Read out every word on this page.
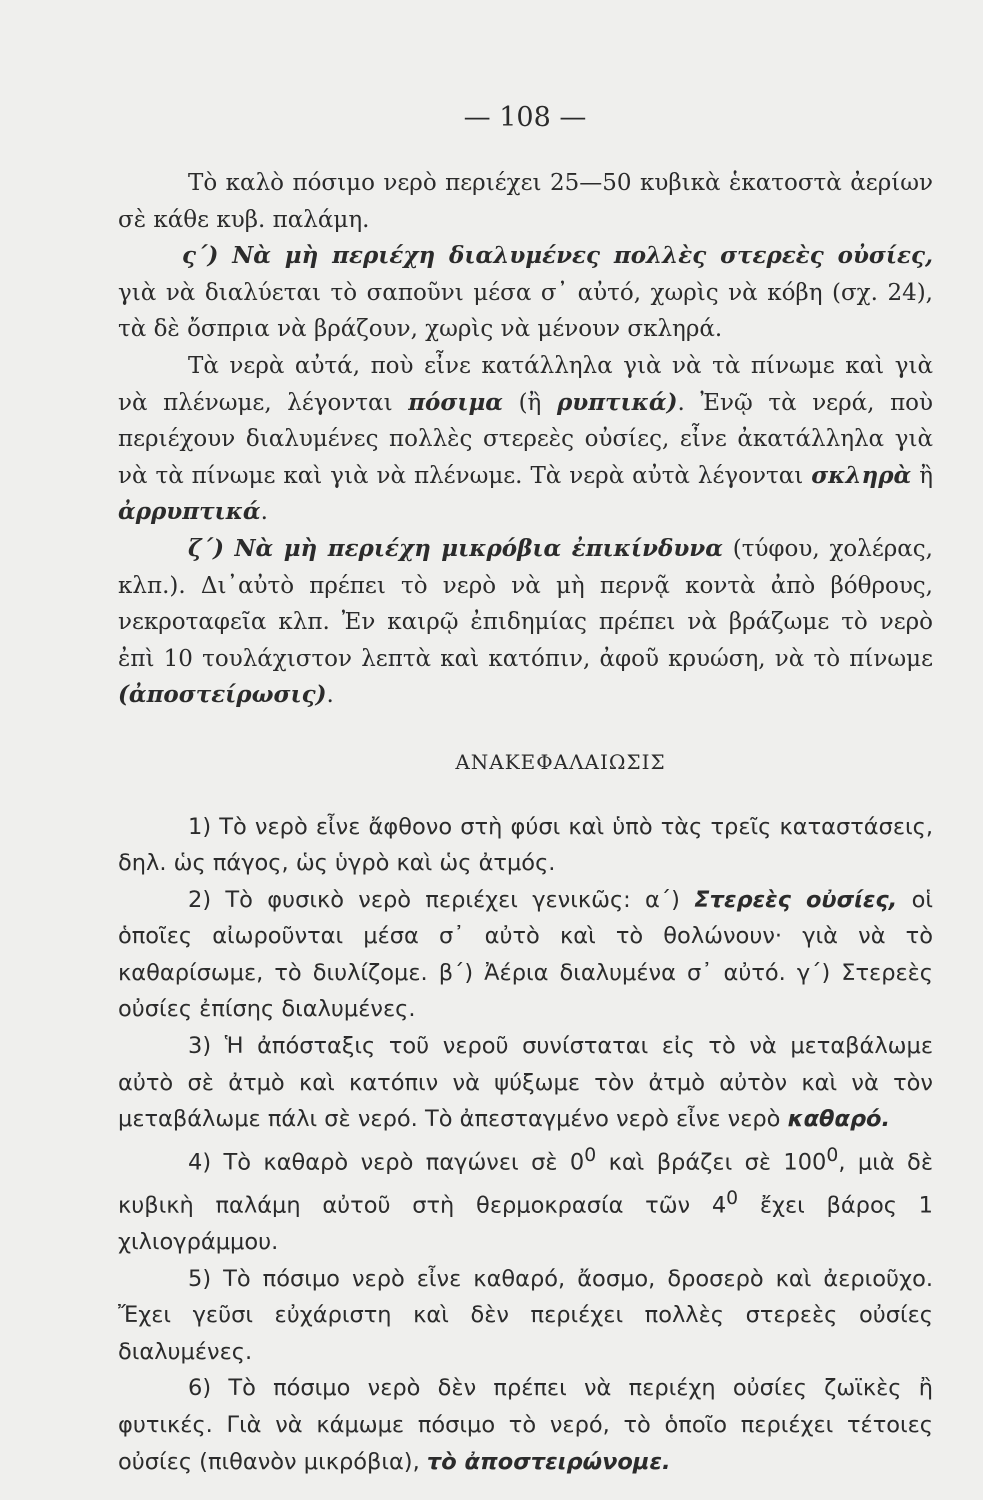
— 108 —

Τὸ καλὸ πόσιμο νερὸ περιέχει 25—50 κυβικὰ ἑκατοστὰ ἀερίων σὲ κάθε κυβ. παλάμη.

ς΄) Νὰ μὴ περιέχη διαλυμένες πολλὲς στερεὲς οὐσίες, γιὰ νὰ διαλύεται τὸ σαποῦνι μέσα σ᾿ αὐτό, χωρὶς νὰ κόβη (σχ. 24), τὰ δὲ ὄσπρια νὰ βράζουν, χωρὶς νὰ μένουν σκληρά.

Τὰ νερὰ αὐτά, ποὺ εἶνε κατάλληλα γιὰ νὰ τὰ πίνωμε καὶ γιὰ νὰ πλένωμε, λέγονται πόσιμα (ἢ ρυπτικά). Ἐνῷ τὰ νερά, ποὺ περιέχουν διαλυμένες πολλὲς στερεὲς οὐσίες, εἶνε ἀκατάλληλα γιὰ νὰ τὰ πίνωμε καὶ γιὰ νὰ πλένωμε. Τὰ νερὰ αὐτὰ λέγονται σκληρὰ ἢ ἀρρυπτικά.

ζ΄) Νὰ μὴ περιέχη μικρόβια ἐπικίνδυνα (τύφου, χολέρας, κλπ.). Δι᾿αὐτὸ πρέπει τὸ νερὸ νὰ μὴ περνᾷ κοντὰ ἀπὸ βόθρους, νεκροταφεῖα κλπ. Ἐν καιρῷ ἐπιδημίας πρέπει νὰ βράζωμε τὸ νερὸ ἐπὶ 10 τουλάχιστον λεπτὰ καὶ κατόπιν, ἀφοῦ κρυώση, νὰ τὸ πίνωμε (ἀποστείρωσις).

ΑΝΑΚΕΦΑΛΑΙΩΣΙΣ

1) Τὸ νερὸ εἶνε ἄφθονο στὴ φύσι καὶ ὑπὸ τὰς τρεῖς καταστάσεις, δηλ. ὡς πάγος, ὡς ὑγρὸ καὶ ὡς ἀτμός.

2) Τὸ φυσικὸ νερὸ περιέχει γενικῶς: α΄) Στερεὲς οὐσίες, οἱ ὁποῖες αἰωροῦνται μέσα σ᾿ αὐτὸ καὶ τὸ θολώνουν· γιὰ νὰ τὸ καθαρίσωμε, τὸ διυλίζομε. β΄) Ἀέρια διαλυμένα σ᾿ αὐτό. γ΄) Στερεὲς οὐσίες ἐπίσης διαλυμένες.

3) Ἡ ἀπόσταξις τοῦ νεροῦ συνίσταται εἰς τὸ νὰ μεταβάλωμε αὐτὸ σὲ ἀτμὸ καὶ κατόπιν νὰ ψύξωμε τὸν ἀτμὸ αὐτὸν καὶ νὰ τὸν μεταβάλωμε πάλι σὲ νερό. Τὸ ἀπεσταγμένο νερὸ εἶνε νερὸ καθαρό.

4) Τὸ καθαρὸ νερὸ παγώνει σὲ $0^0$ καὶ βράζει σὲ $100^0$, μιὰ δὲ κυβικὴ παλάμη αὐτοῦ στὴ θερμοκρασία τῶν $4^0$ ἔχει βάρος 1 χιλιογράμμου.

5) Τὸ πόσιμο νερὸ εἶνε καθαρό, ἄοσμο, δροσερὸ καὶ ἀεριοῦχο. Ἔχει γεῦσι εὐχάριστη καὶ δὲν περιέχει πολλὲς στερεὲς οὐσίες διαλυμένες.

6) Τὸ πόσιμο νερὸ δὲν πρέπει νὰ περιέχη οὐσίες ζωϊκὲς ἢ φυτικές. Γιὰ νὰ κάμωμε πόσιμο τὸ νερό, τὸ ὁποῖο περιέχει τέτοιες οὐσίες (πιθανὸν μικρόβια), τὸ ἀποστειρώνομε.
